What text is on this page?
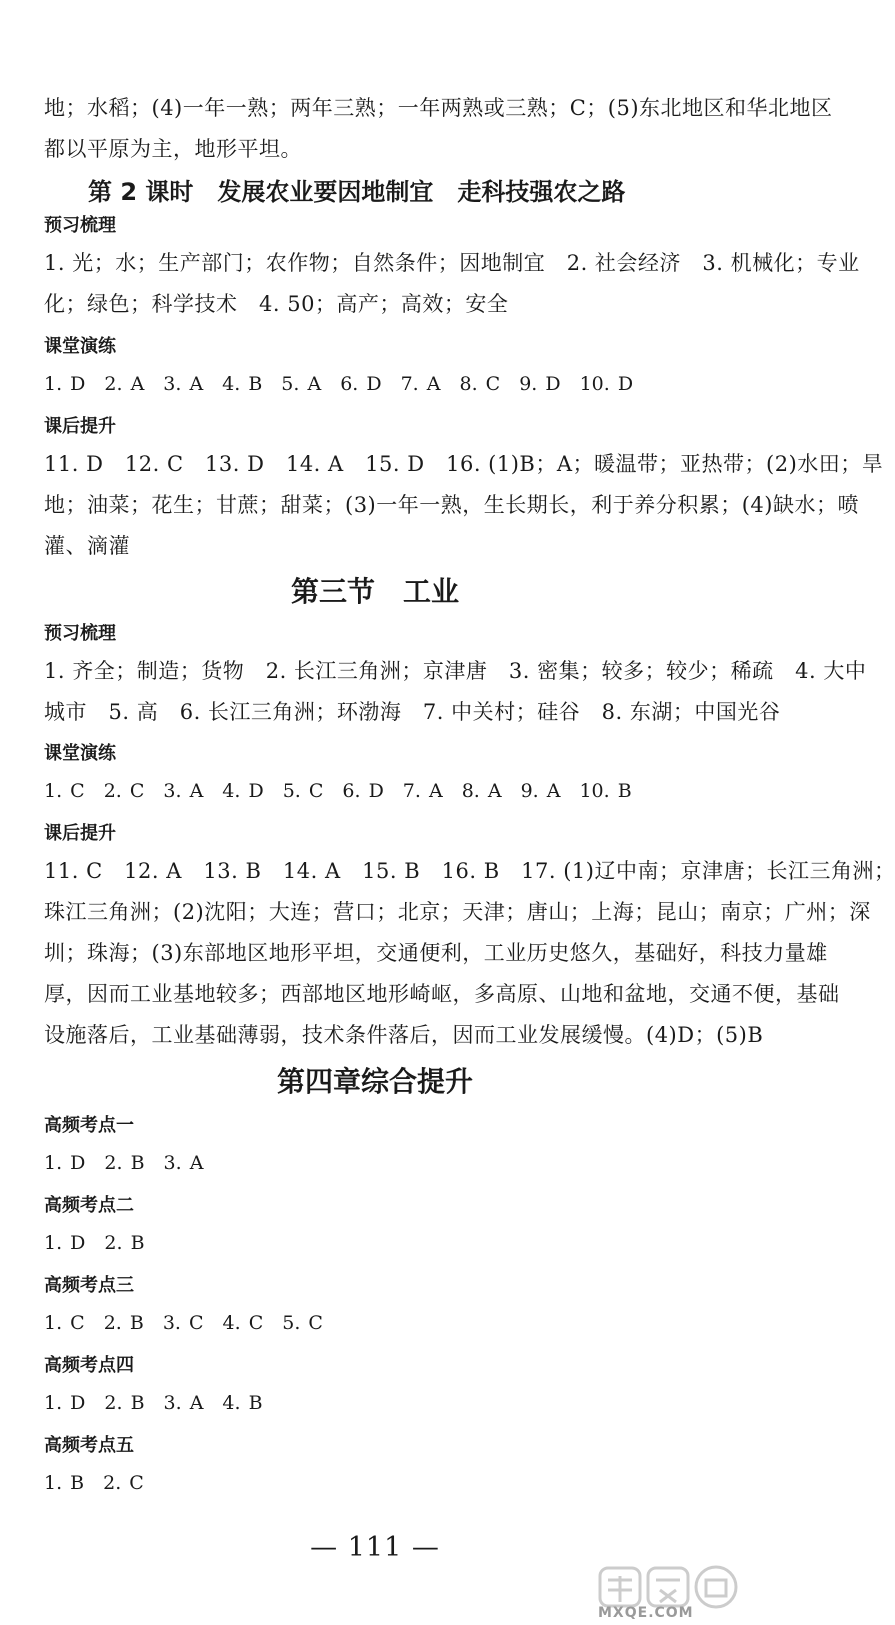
地；水稻；(4)一年一熟；两年三熟；一年两熟或三熟；C；(5)东北地区和华北地区
都以平原为主，地形平坦。
第 2 课时　发展农业要因地制宜　走科技强农之路
预习梳理
1. 光；水；生产部门；农作物；自然条件；因地制宜　2. 社会经济　3. 机械化；专业
化；绿色；科学技术　4. 50；高产；高效；安全
课堂演练
1. D　2. A　3. A　4. B　5. A　6. D　7. A　8. C　9. D　10. D
课后提升
11. D　12. C　13. D　14. A　15. D　16. (1)B；A；暖温带；亚热带；(2)水田；旱
地；油菜；花生；甘蔗；甜菜；(3)一年一熟，生长期长，利于养分积累；(4)缺水；喷
灌、滴灌
第三节　工业
预习梳理
1. 齐全；制造；货物　2. 长江三角洲；京津唐　3. 密集；较多；较少；稀疏　4. 大中
城市　5. 高　6. 长江三角洲；环渤海　7. 中关村；硅谷　8. 东湖；中国光谷
课堂演练
1. C　2. C　3. A　4. D　5. C　6. D　7. A　8. A　9. A　10. B
课后提升
11. C　12. A　13. B　14. A　15. B　16. B　17. (1)辽中南；京津唐；长江三角洲；
珠江三角洲；(2)沈阳；大连；营口；北京；天津；唐山；上海；昆山；南京；广州；深
圳；珠海；(3)东部地区地形平坦，交通便利，工业历史悠久，基础好，科技力量雄
厚，因而工业基地较多；西部地区地形崎岖，多高原、山地和盆地，交通不便，基础
设施落后，工业基础薄弱，技术条件落后，因而工业发展缓慢。(4)D；(5)B
第四章综合提升
高频考点一
1. D　2. B　3. A
高频考点二
1. D　2. B
高频考点三
1. C　2. B　3. C　4. C　5. C
高频考点四
1. D　2. B　3. A　4. B
高频考点五
1. B　2. C
— 111 —
MXQE.COM
